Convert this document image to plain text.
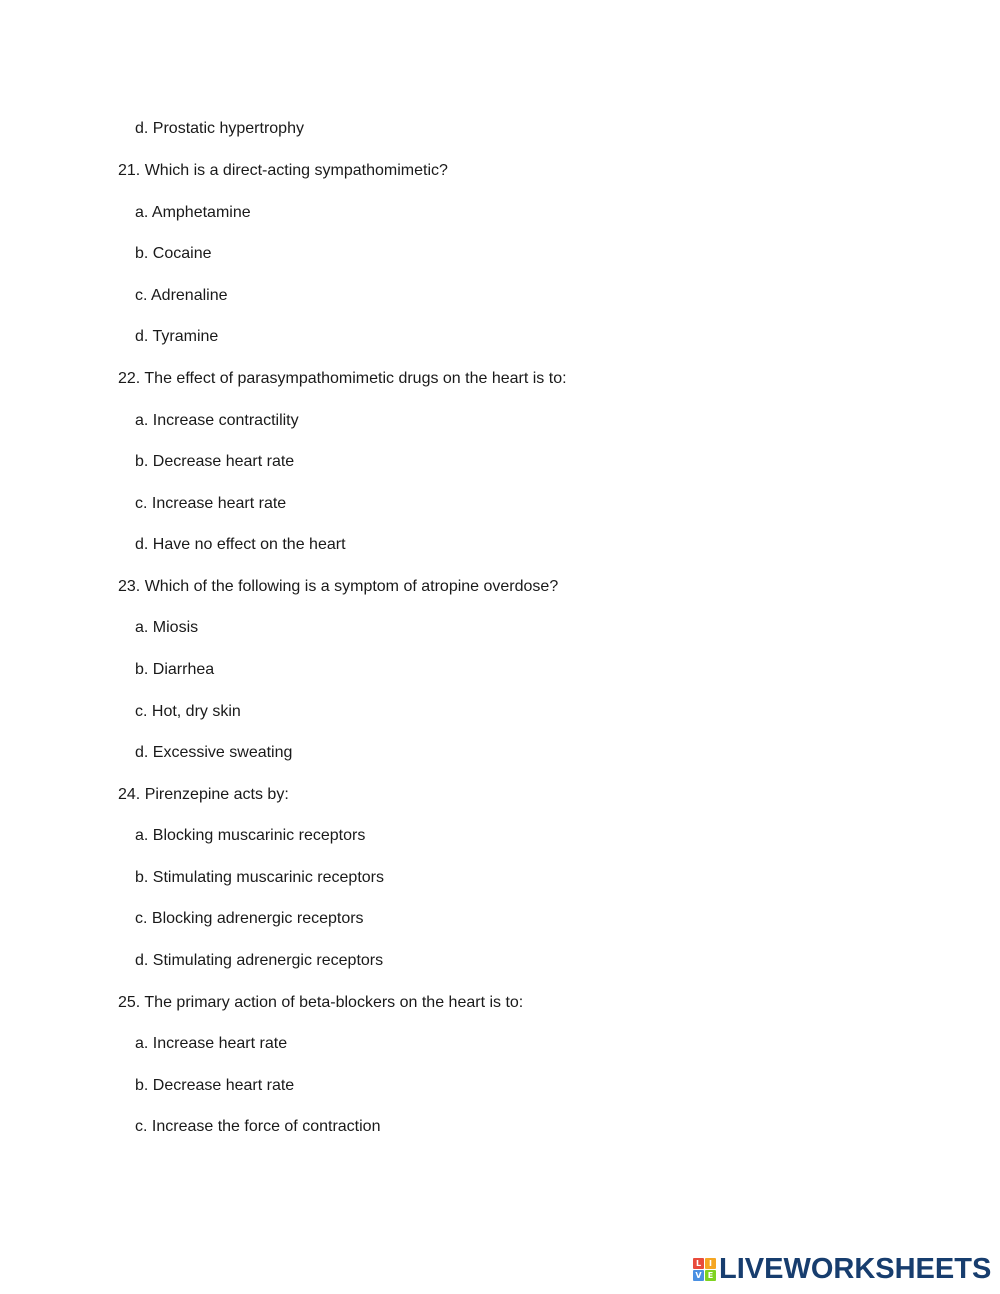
d. Prostatic hypertrophy
21. Which is a direct-acting sympathomimetic?
a. Amphetamine
b. Cocaine
c. Adrenaline
d. Tyramine
22. The effect of parasympathomimetic drugs on the heart is to:
a. Increase contractility
b. Decrease heart rate
c. Increase heart rate
d. Have no effect on the heart
23. Which of the following is a symptom of atropine overdose?
a. Miosis
b. Diarrhea
c. Hot, dry skin
d. Excessive sweating
24. Pirenzepine acts by:
a. Blocking muscarinic receptors
b. Stimulating muscarinic receptors
c. Blocking adrenergic receptors
d. Stimulating adrenergic receptors
25. The primary action of beta-blockers on the heart is to:
a. Increase heart rate
b. Decrease heart rate
c. Increase the force of contraction
L I
V E LIVEWORKSHEETS
